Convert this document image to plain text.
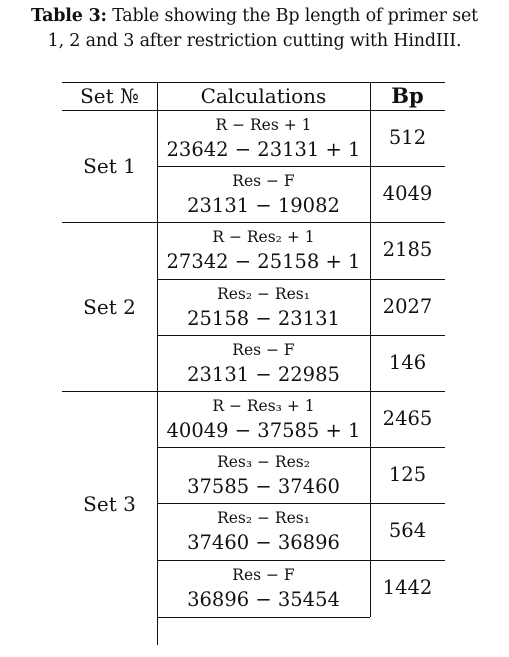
Table 3: Table showing the Bp length of primer set
1, 2 and 3 after restriction cutting with HindIII.
Set №	Calculations	Bp
R − Res + 1
23642 − 23131 + 1
512
Res − F
23131 − 19082
4049
Set 1
R − Res₂ + 1
27342 − 25158 + 1
2185
Res₂ − Res₁
25158 − 23131
2027
Res − F
23131 − 22985
146
Set 2
R − Res₃ + 1
40049 − 37585 + 1
2465
Res₃ − Res₂
37585 − 37460
125
Res₂ − Res₁
37460 − 36896
564
Res − F
36896 − 35454
1442
Set 3
